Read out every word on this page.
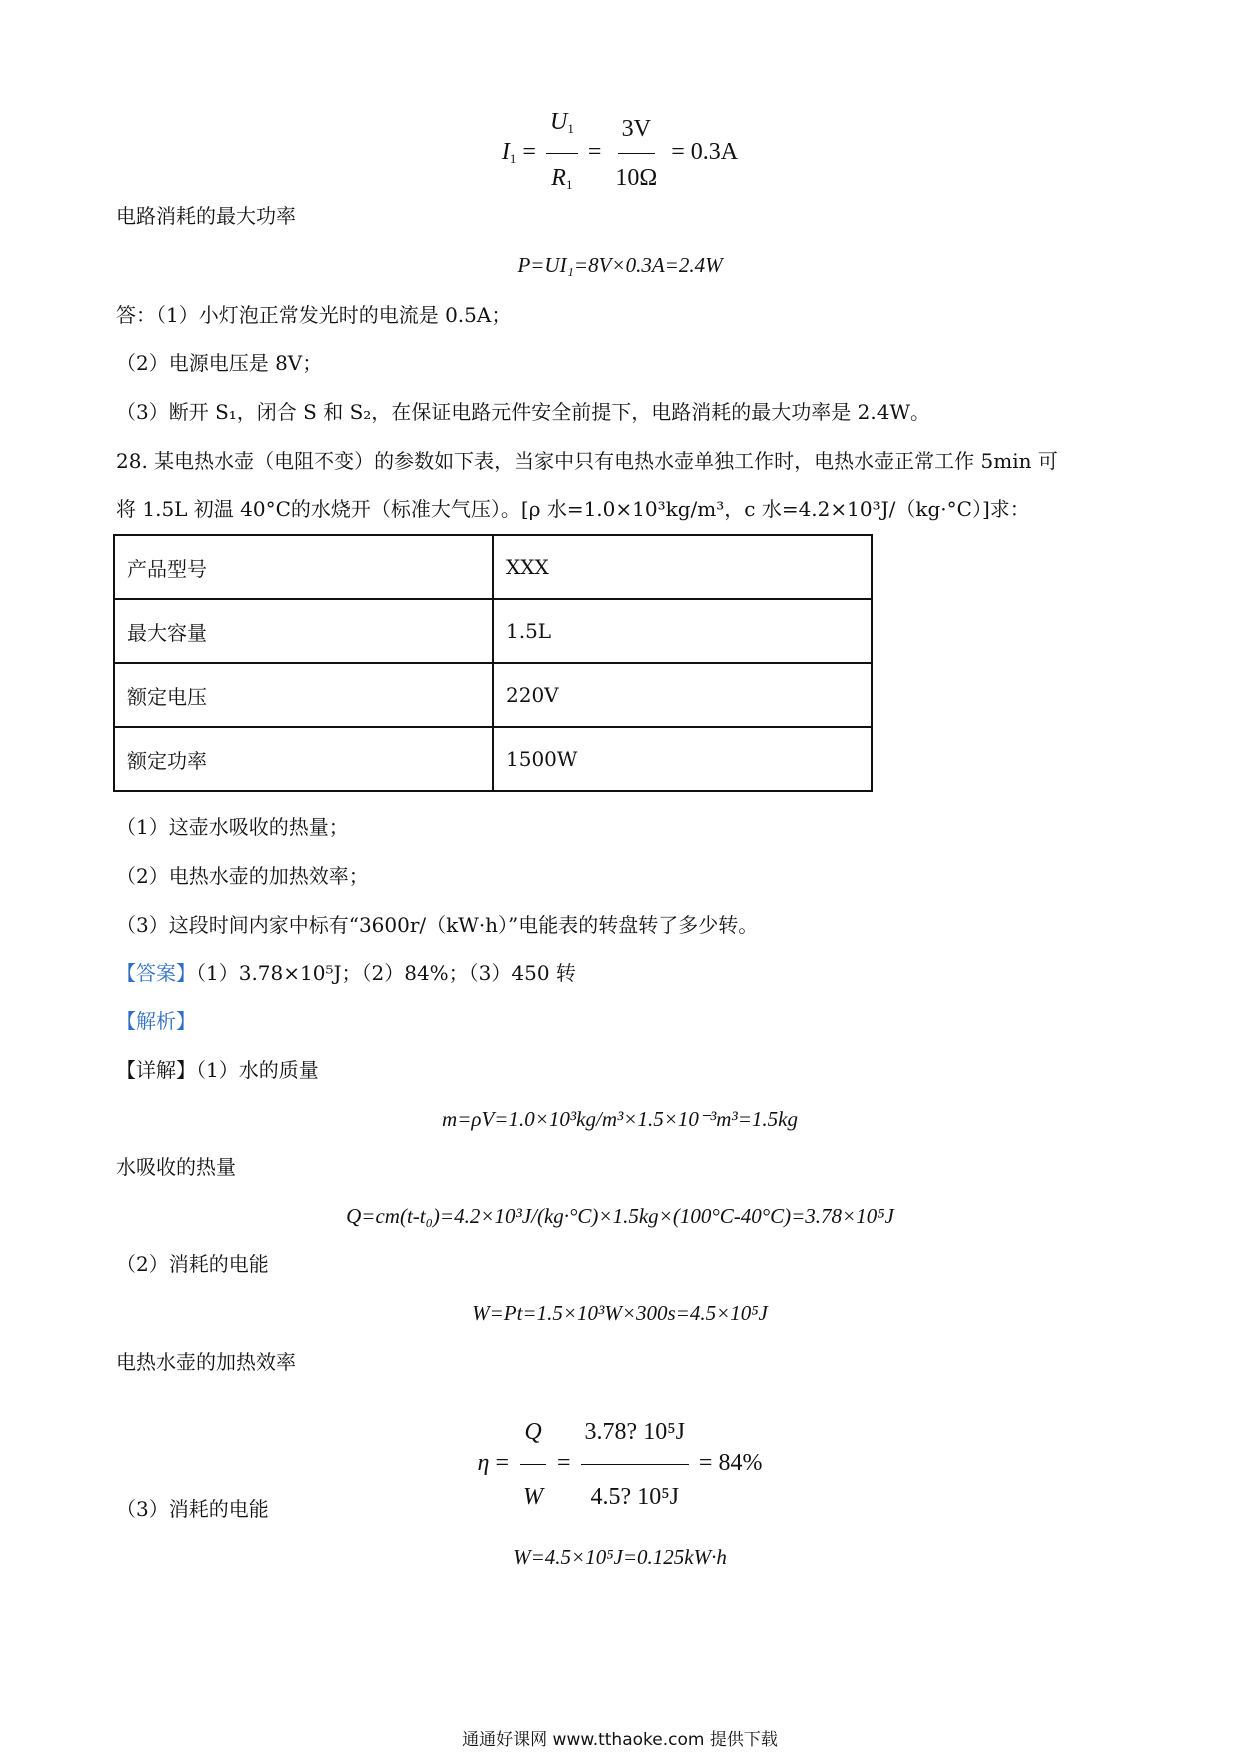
$I_1 = \frac{U_1}{R_1} = \frac{3V}{10\Omega} = 0.3A$
电路消耗的最大功率
P=UI₁=8V×0.3A=2.4W
答：（1）小灯泡正常发光时的电流是 0.5A；
（2）电源电压是 8V；
（3）断开 S₁，闭合 S 和 S₂，在保证电路元件安全前提下，电路消耗的最大功率是 2.4W。
28. 某电热水壶（电阻不变）的参数如下表，当家中只有电热水壶单独工作时，电热水壶正常工作 5min 可
将 1.5L 初温 40°C的水烧开（标准大气压）。[ρ 水=1.0×10³kg/m³，c 水=4.2×10³J/（kg·°C）]求：
产品型号	XXX
最大容量	1.5L
额定电压	220V
额定功率	1500W
（1）这壶水吸收的热量；
（2）电热水壶的加热效率；
（3）这段时间内家中标有“3600r/（kW·h）”电能表的转盘转了多少转。
【答案】（1）3.78×10⁵J；（2）84%；（3）450 转
【解析】
【详解】（1）水的质量
m=ρV=1.0×10³kg/m³×1.5×10⁻³m³=1.5kg
水吸收的热量
Q=cm(t-t₀)=4.2×10³J/(kg·°C)×1.5kg×(100°C-40°C)=3.78×10⁵J
（2）消耗的电能
W=Pt=1.5×10³W×300s=4.5×10⁵J
电热水壶的加热效率
$\eta = \frac{Q}{W} = \frac{\text{3.78? 10⁵J}}{\text{4.5? 10⁵J}} = 84\%$
（3）消耗的电能
W=4.5×10⁵J=0.125kW·h
通通好课网 www.tthaoke.com 提供下载
